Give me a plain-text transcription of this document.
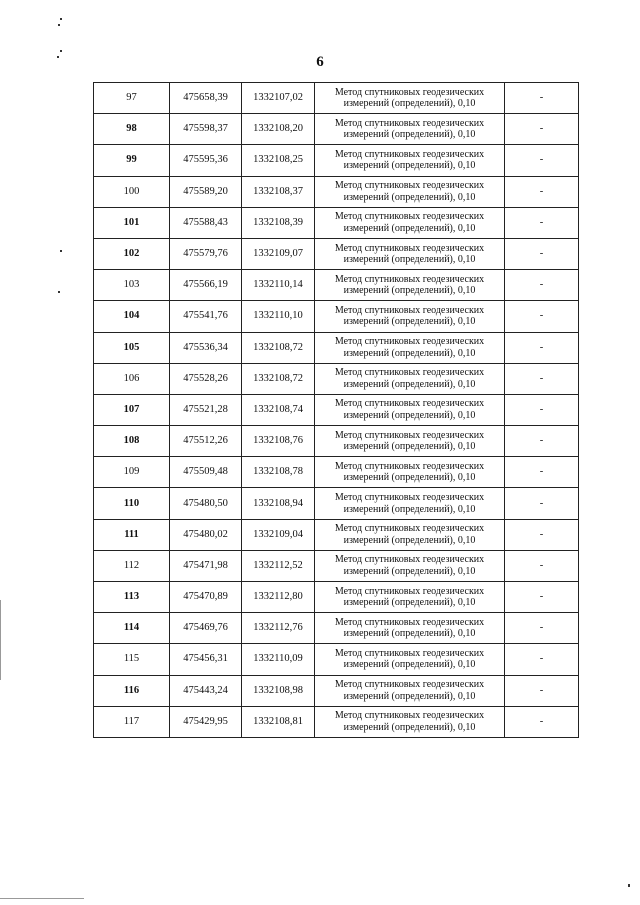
6
97	475658,39	1332107,02	Метод спутниковых геодезических
измерений (определений), 0,10	-
98	475598,37	1332108,20	Метод спутниковых геодезических
измерений (определений), 0,10	-
99	475595,36	1332108,25	Метод спутниковых геодезических
измерений (определений), 0,10	-
100	475589,20	1332108,37	Метод спутниковых геодезических
измерений (определений), 0,10	-
101	475588,43	1332108,39	Метод спутниковых геодезических
измерений (определений), 0,10	-
102	475579,76	1332109,07	Метод спутниковых геодезических
измерений (определений), 0,10	-
103	475566,19	1332110,14	Метод спутниковых геодезических
измерений (определений), 0,10	-
104	475541,76	1332110,10	Метод спутниковых геодезических
измерений (определений), 0,10	-
105	475536,34	1332108,72	Метод спутниковых геодезических
измерений (определений), 0,10	-
106	475528,26	1332108,72	Метод спутниковых геодезических
измерений (определений), 0,10	-
107	475521,28	1332108,74	Метод спутниковых геодезических
измерений (определений), 0,10	-
108	475512,26	1332108,76	Метод спутниковых геодезических
измерений (определений), 0,10	-
109	475509,48	1332108,78	Метод спутниковых геодезических
измерений (определений), 0,10	-
110	475480,50	1332108,94	Метод спутниковых геодезических
измерений (определений), 0,10	-
111	475480,02	1332109,04	Метод спутниковых геодезических
измерений (определений), 0,10	-
112	475471,98	1332112,52	Метод спутниковых геодезических
измерений (определений), 0,10	-
113	475470,89	1332112,80	Метод спутниковых геодезических
измерений (определений), 0,10	-
114	475469,76	1332112,76	Метод спутниковых геодезических
измерений (определений), 0,10	-
115	475456,31	1332110,09	Метод спутниковых геодезических
измерений (определений), 0,10	-
116	475443,24	1332108,98	Метод спутниковых геодезических
измерений (определений), 0,10	-
117	475429,95	1332108,81	Метод спутниковых геодезических
измерений (определений), 0,10	-
